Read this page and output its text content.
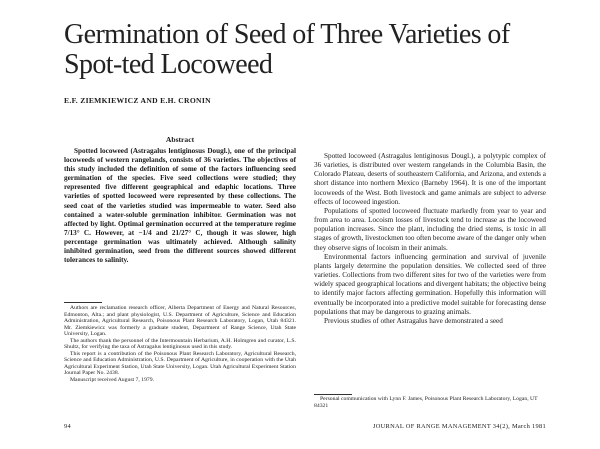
Germination of Seed of Three Varieties of Spot-ted Locoweed
E.F. ZIEMKIEWICZ AND E.H. CRONIN
Abstract

Spotted locoweed (Astragalus lentiginosus Dougl.), one of the principal locoweeds of western rangelands, consists of 36 varieties. The objectives of this study included the definition of some of the factors influencing seed germination of the species. Five seed collections were studied; they represented five different geographical and edaphic locations. Three varieties of spotted locoweed were represented by these collections. The seed coat of the varieties studied was impermeable to water. Seed also contained a water-soluble germination inhibitor. Germination was not affected by light. Optimal germination occurred at the temperature regime 7/13° C. However, at −1/4 and 21/27° C, though it was slower, high percentage germination was ultimately achieved. Although salinity inhibited germination, seed from the different sources showed different tolerances to salinity.

Authors are reclamation research officer, Alberta Department of Energy and Natural Resources, Edmonton, Alta.; and plant physiologist, U.S. Department of Agriculture, Science and Education Administration, Agricultural Research, Poisonous Plant Research Laboratory, Logan, Utah 84321. Mr. Ziemkiewicz was formerly a graduate student, Department of Range Science, Utah State University, Logan.

The authors thank the personnel of the Intermountain Herbarium, A.H. Holmgren and curator, L.S. Shultz, for verifying the taxa of Astragalus lentiginosus used in this study.

This report is a contribution of the Poisonous Plant Research Laboratory, Agricultural Research, Science and Education Administration, U.S. Department of Agriculture, in cooperation with the Utah Agricultural Experiment Station, Utah State University, Logan. Utah Agricultural Experiment Station Journal Paper No. 2438.

Manuscript received August 7, 1979.

Spotted locoweed (Astragalus lentiginosus Dougl.), a polytypic complex of 36 varieties, is distributed over western rangelands in the Columbia Basin, the Colorado Plateau, deserts of southeastern California, and Arizona, and extends a short distance into northern Mexico (Barneby 1964). It is one of the important locoweeds of the West. Both livestock and game animals are subject to adverse effects of locoweed ingestion.

Populations of spotted locoweed fluctuate markedly from year to year and from area to area. Locoism losses of livestock tend to increase as the locoweed population increases. Since the plant, including the dried stems, is toxic in all stages of growth, livestockmen too often become aware of the danger only when they observe signs of locoism in their animals.

Environmental factors influencing germination and survival of juvenile plants largely determine the population densities. We collected seed of three varieties. Collections from two different sites for two of the varieties were from widely spaced geographical locations and divergent habitats; the objective being to identify major factors affecting germination. Hopefully this information will eventually be incorporated into a predictive model suitable for forecasting dense populations that may be dangerous to grazing animals.

Previous studies of other Astragalus have demonstrated a seed

Personal communication with Lynn F. James, Poisonous Plant Research Laboratory, Logan, UT 84321

94	JOURNAL OF RANGE MANAGEMENT 34(2), March 1981
